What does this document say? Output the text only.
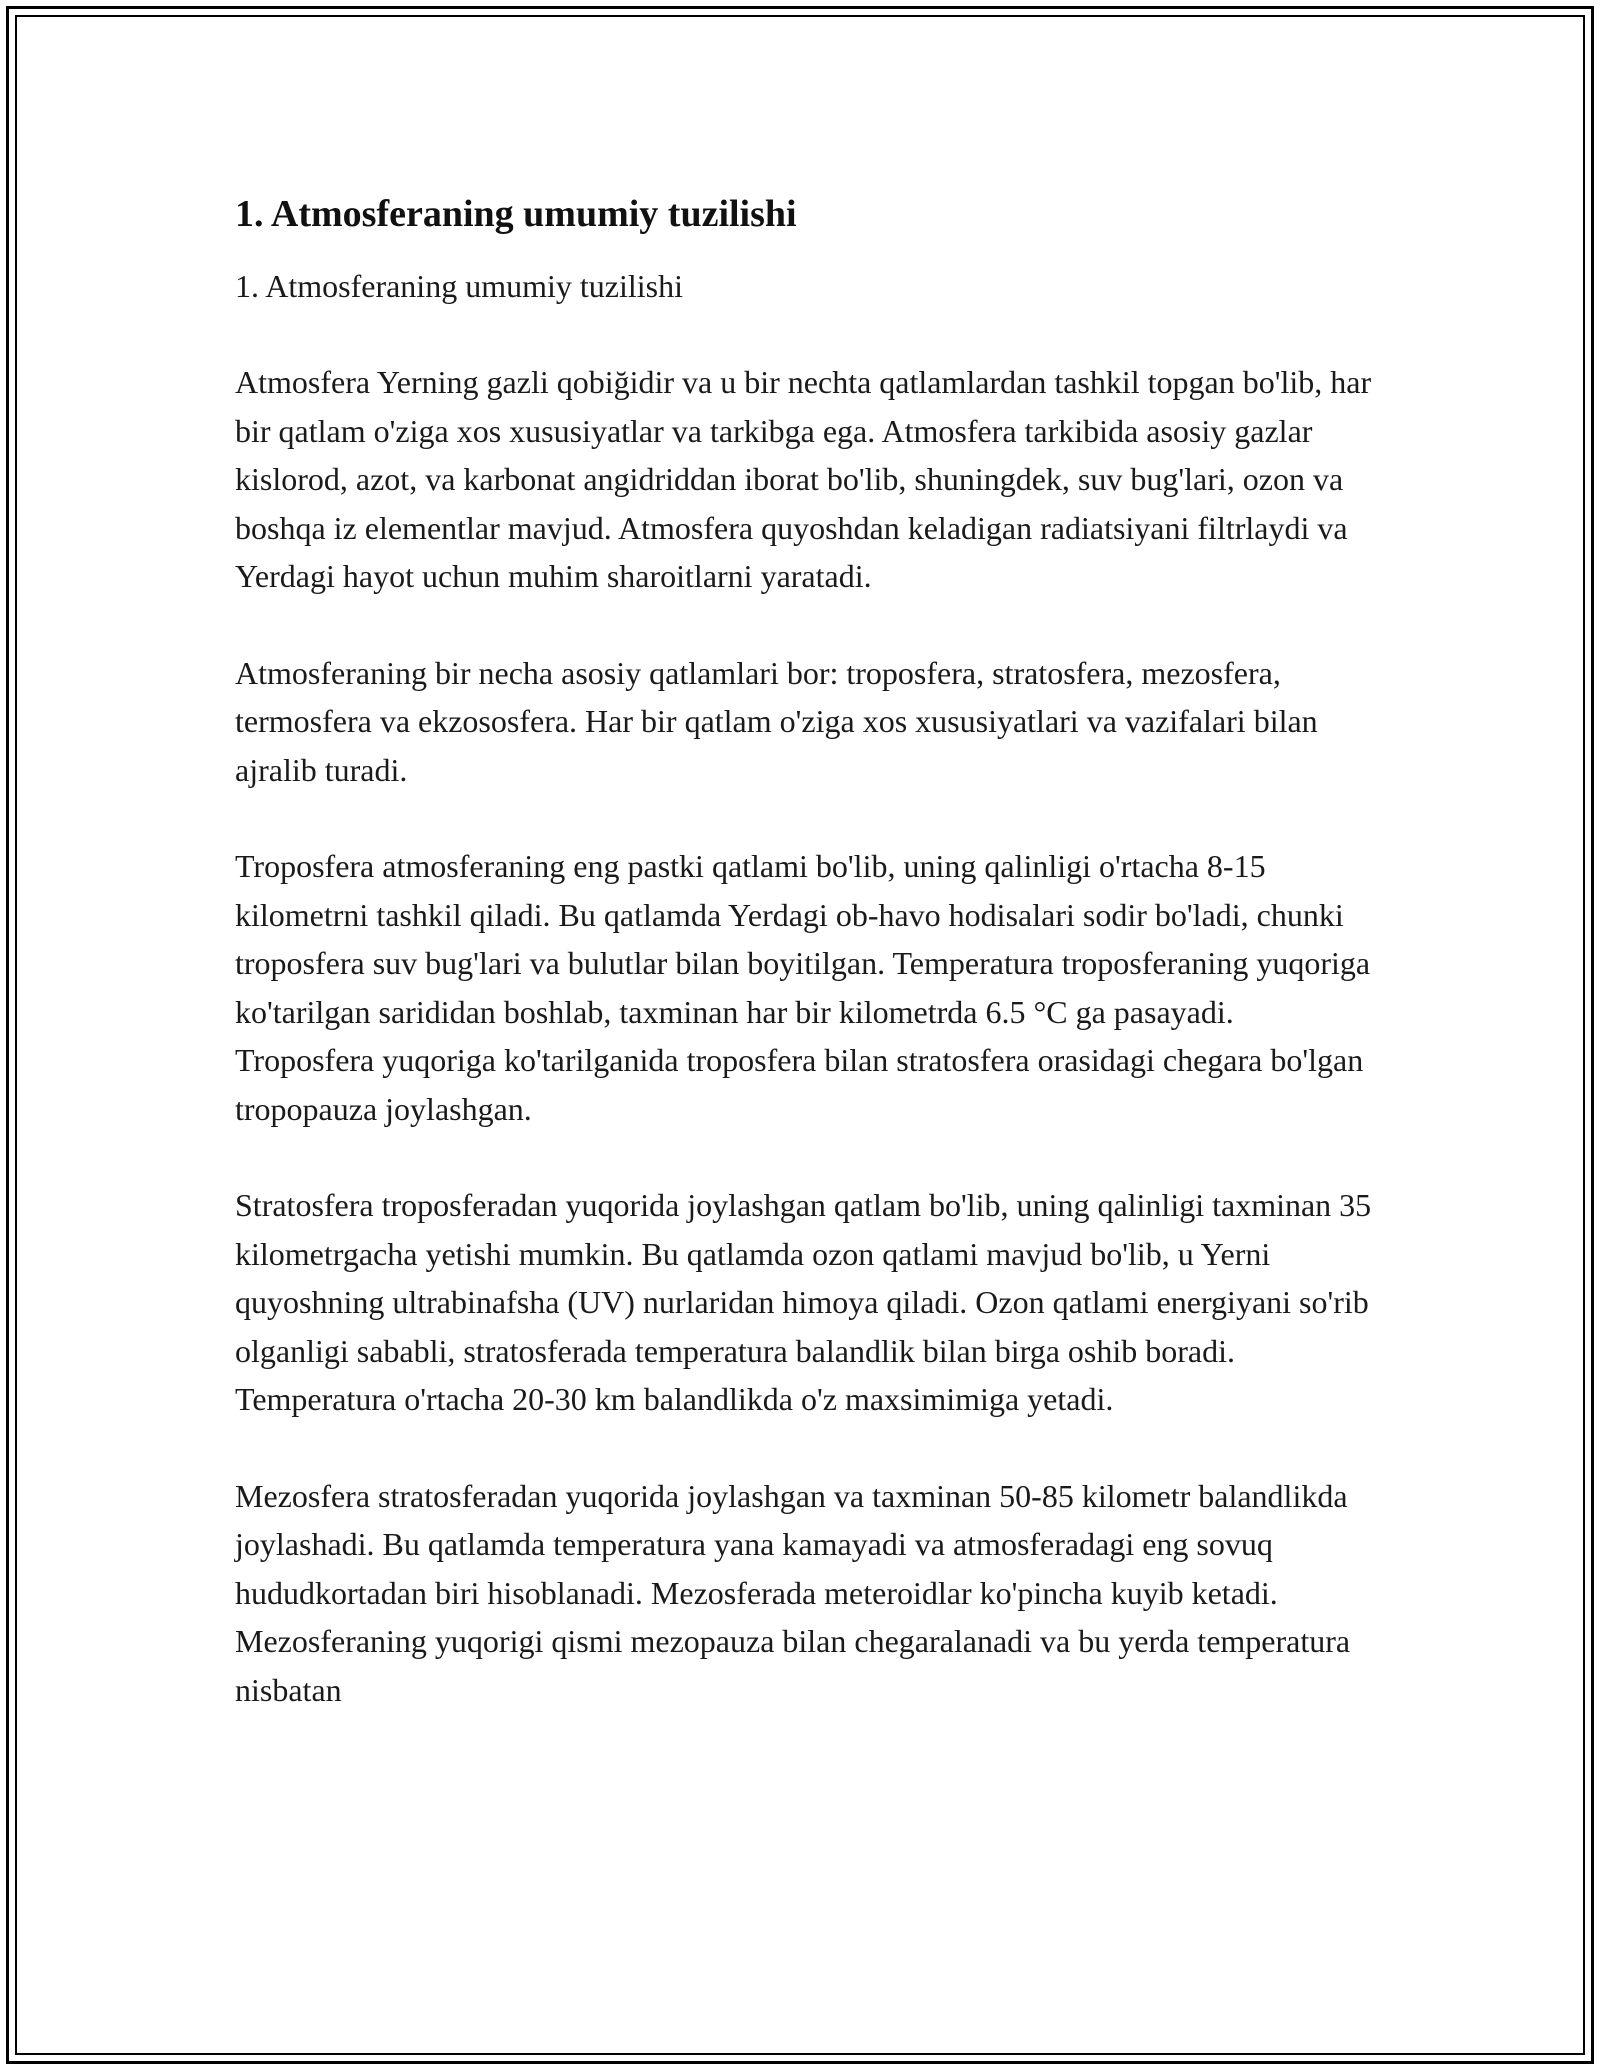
1. Atmosferaning umumiy tuzilishi

1. Atmosferaning umumiy tuzilishi

Atmosfera Yerning gazli qobiğidir va u bir nechta qatlamlardan tashkil topgan bo'lib, har bir qatlam o'ziga xos xususiyatlar va tarkibga ega. Atmosfera tarkibida asosiy gazlar kislorod, azot, va karbonat angidriddan iborat bo'lib, shuningdek, suv bug'lari, ozon va boshqa iz elementlar mavjud. Atmosfera quyoshdan keladigan radiatsiyani filtrlaydi va Yerdagi hayot uchun muhim sharoitlarni yaratadi.

Atmosferaning bir necha asosiy qatlamlari bor: troposfera, stratosfera, mezosfera, termosfera va ekzososfera. Har bir qatlam o'ziga xos xususiyatlari va vazifalari bilan ajralib turadi.

Troposfera atmosferaning eng pastki qatlami bo'lib, uning qalinligi o'rtacha 8-15 kilometrni tashkil qiladi. Bu qatlamda Yerdagi ob-havo hodisalari sodir bo'ladi, chunki troposfera suv bug'lari va bulutlar bilan boyitilgan. Temperatura troposferaning yuqoriga ko'tarilgan sarididan boshlab, taxminan har bir kilometrda 6.5 °C ga pasayadi. Troposfera yuqoriga ko'tarilganida troposfera bilan stratosfera orasidagi chegara bo'lgan tropopauza joylashgan.

Stratosfera troposferadan yuqorida joylashgan qatlam bo'lib, uning qalinligi taxminan 35 kilometrgacha yetishi mumkin. Bu qatlamda ozon qatlami mavjud bo'lib, u Yerni quyoshning ultrabinafsha (UV) nurlaridan himoya qiladi. Ozon qatlami energiyani so'rib olganligi sababli, stratosferada temperatura balandlik bilan birga oshib boradi. Temperatura o'rtacha 20-30 km balandlikda o'z maxsimimiga yetadi.

Mezosfera stratosferadan yuqorida joylashgan va taxminan 50-85 kilometr balandlikda joylashadi. Bu qatlamda temperatura yana kamayadi va atmosferadagi eng sovuq hududkortadan biri hisoblanadi. Mezosferada meteroidlar ko'pincha kuyib ketadi. Mezosferaning yuqorigi qismi mezopauza bilan chegaralanadi va bu yerda temperatura nisbatan
